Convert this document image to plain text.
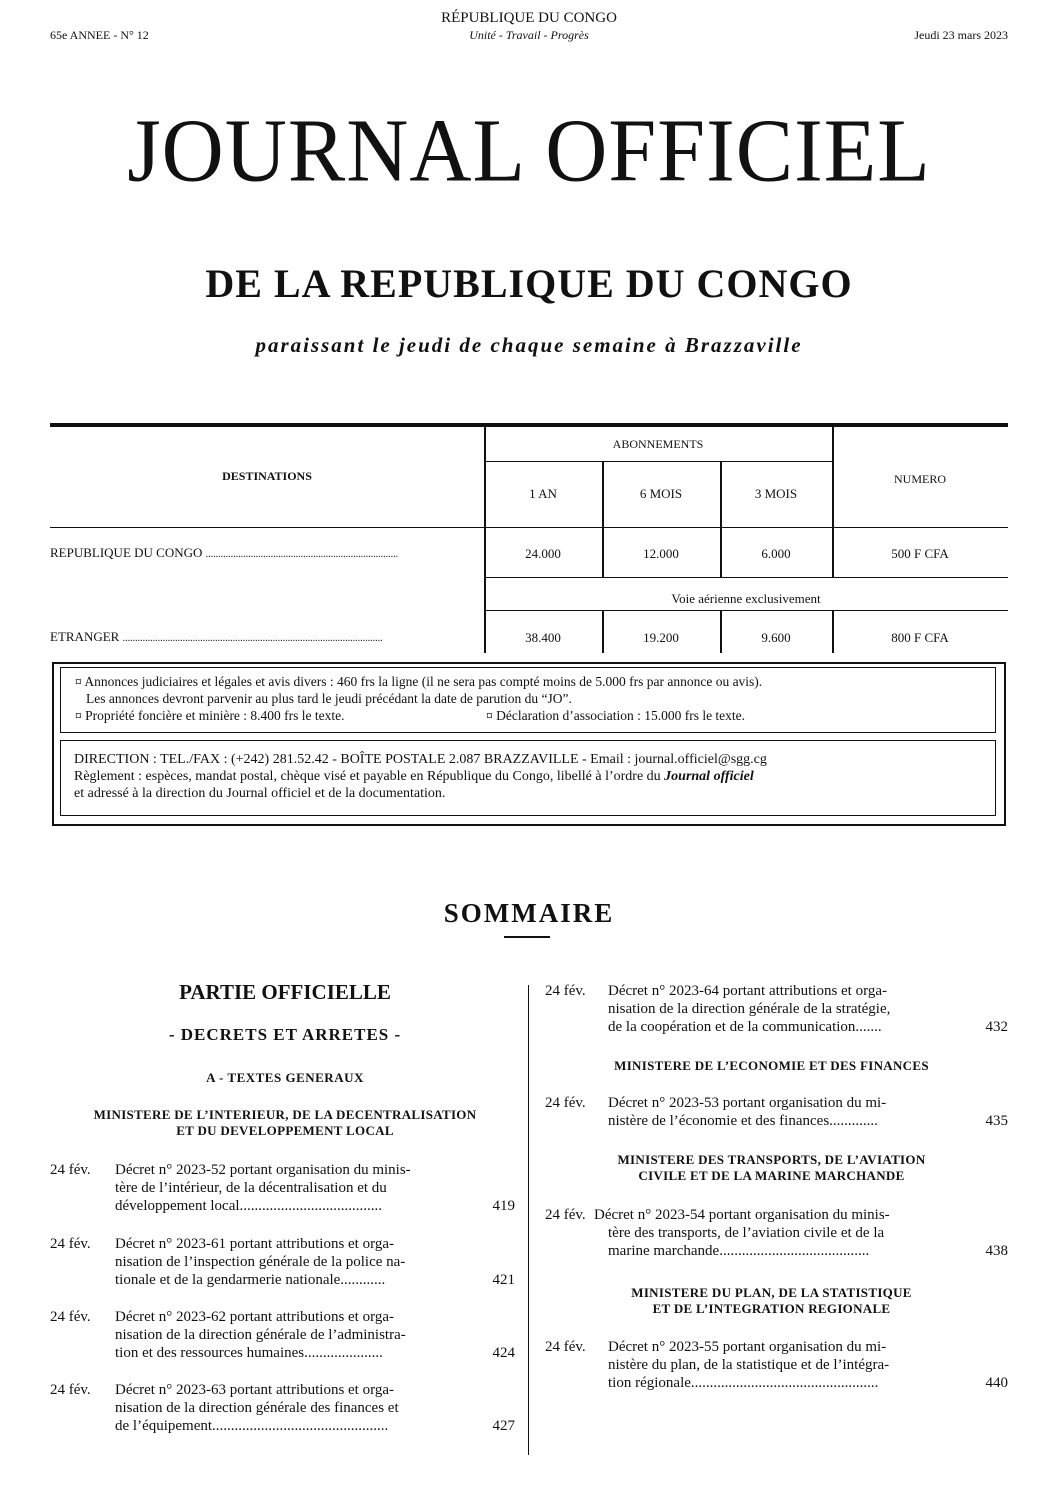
65e ANNEE - N° 12
RÉPUBLIQUE DU CONGO
Unité - Travail - Progrès	Jeudi 23 mars 2023
JOURNAL OFFICIEL
DE LA REPUBLIQUE DU CONGO
paraissant le jeudi de chaque semaine à Brazzaville
DESTINATIONS
ABONNEMENTS
NUMERO
1 AN	6 MOIS	3 MOIS
REPUBLIQUE DU CONGO .............................................................................	24.000	12.000	6.000	500 F CFA
Voie aérienne exclusivement
ETRANGER ........................................................................................................	38.400	19.200	9.600	800 F CFA
¤ Annonces judiciaires et légales et avis divers : 460 frs la ligne (il ne sera pas compté moins de 5.000 frs par annonce ou avis).
Les annonces devront parvenir au plus tard le jeudi précédant la date de parution du “JO”.
¤ Propriété foncière et minière : 8.400 frs le texte.	¤ Déclaration d’association : 15.000 frs le texte.
DIRECTION : TEL./FAX : (+242) 281.52.42 - BOÎTE POSTALE 2.087 BRAZZAVILLE - Email : journal.officiel@sgg.cg
Règlement : espèces, mandat postal, chèque visé et payable en République du Congo, libellé à l’ordre du Journal officiel
et adressé à la direction du Journal officiel et de la documentation.
SOMMAIRE
PARTIE OFFICIELLE
- DECRETS ET ARRETES -
A - TEXTES GENERAUX
MINISTERE DE L’INTERIEUR, DE LA DECENTRALISATION
ET DU DEVELOPPEMENT LOCAL
24 fév. Décret n° 2023-52 portant organisation du minis-
tère de l’intérieur, de la décentralisation et du
développement local......................................	419
24 fév. Décret n° 2023-61 portant attributions et orga-
nisation de l’inspection générale de la police na-
tionale et de la gendarmerie nationale............	421
24 fév. Décret n° 2023-62 portant attributions et orga-
nisation de la direction générale de l’administra-
tion et des ressources humaines.....................	424
24 fév. Décret n° 2023-63 portant attributions et orga-
nisation de la direction générale des finances et
de l’équipement...............................................	427
24 fév. Décret n° 2023-64 portant attributions et orga-
nisation de la direction générale de la stratégie,
de la coopération et de la communication.......	432
MINISTERE DE L’ECONOMIE ET DES FINANCES
24 fév. Décret n° 2023-53 portant organisation du mi-
nistère de l’économie et des finances.............	435
MINISTERE DES TRANSPORTS, DE L’AVIATION
CIVILE ET DE LA MARINE MARCHANDE
24 fév. Décret n° 2023-54 portant organisation du minis-
tère des transports, de l’aviation civile et de la
marine marchande........................................	438
MINISTERE DU PLAN, DE LA STATISTIQUE
ET DE L’INTEGRATION REGIONALE
24 fév. Décret n° 2023-55 portant organisation du mi-
nistère du plan, de la statistique et de l’intégra-
tion régionale..................................................	440
